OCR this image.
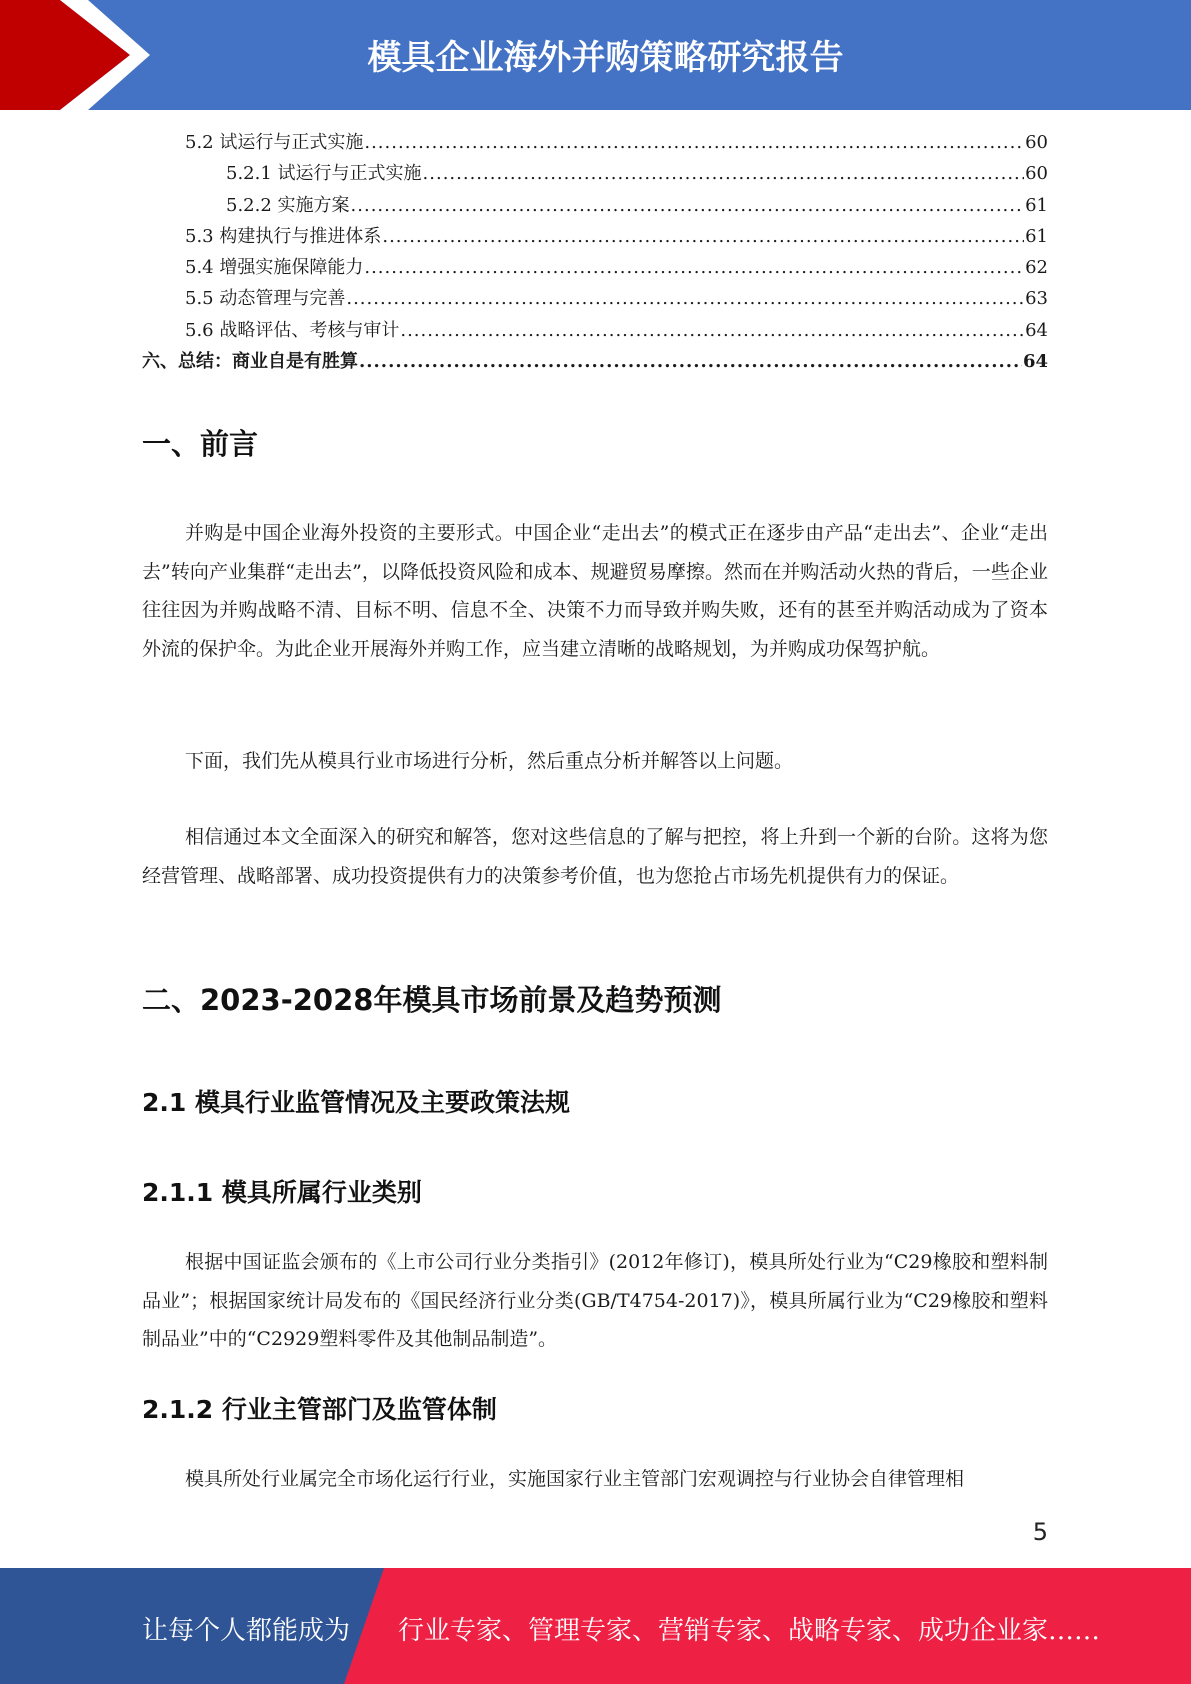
模具企业海外并购策略研究报告
5.2 试运行与正式实施 .....	60
5.2.1 试运行与正式实施 .....	60
5.2.2 实施方案 .....	61
5.3 构建执行与推进体系 .....	61
5.4 增强实施保障能力 .....	62
5.5 动态管理与完善 .....	63
5.6 战略评估、考核与审计 .....	64
六、总结：商业自是有胜算 .....	64
一、前言

并购是中国企业海外投资的主要形式。中国企业“走出去”的模式正在逐步由产品“走出去”、企业“走出去”转向产业集群“走出去”，以降低投资风险和成本、规避贸易摩擦。然而在并购活动火热的背后，一些企业往往因为并购战略不清、目标不明、信息不全、决策不力而导致并购失败，还有的甚至并购活动成为了资本外流的保护伞。为此企业开展海外并购工作，应当建立清晰的战略规划，为并购成功保驾护航。

下面，我们先从模具行业市场进行分析，然后重点分析并解答以上问题。

相信通过本文全面深入的研究和解答，您对这些信息的了解与把控，将上升到一个新的台阶。这将为您经营管理、战略部署、成功投资提供有力的决策参考价值，也为您抢占市场先机提供有力的保证。

二、2023-2028年模具市场前景及趋势预测
2.1 模具行业监管情况及主要政策法规
2.1.1 模具所属行业类别

根据中国证监会颁布的《上市公司行业分类指引》(2012年修订)，模具所处行业为“C29橡胶和塑料制品业”；根据国家统计局发布的《国民经济行业分类(GB/T4754-2017)》，模具所属行业为“C29橡胶和塑料制品业”中的“C2929塑料零件及其他制品制造”。

2.1.2 行业主管部门及监管体制

模具所处行业属完全市场化运行行业，实施国家行业主管部门宏观调控与行业协会自律管理相

5
让每个人都能成为 行业专家、管理专家、营销专家、战略专家、成功企业家……
